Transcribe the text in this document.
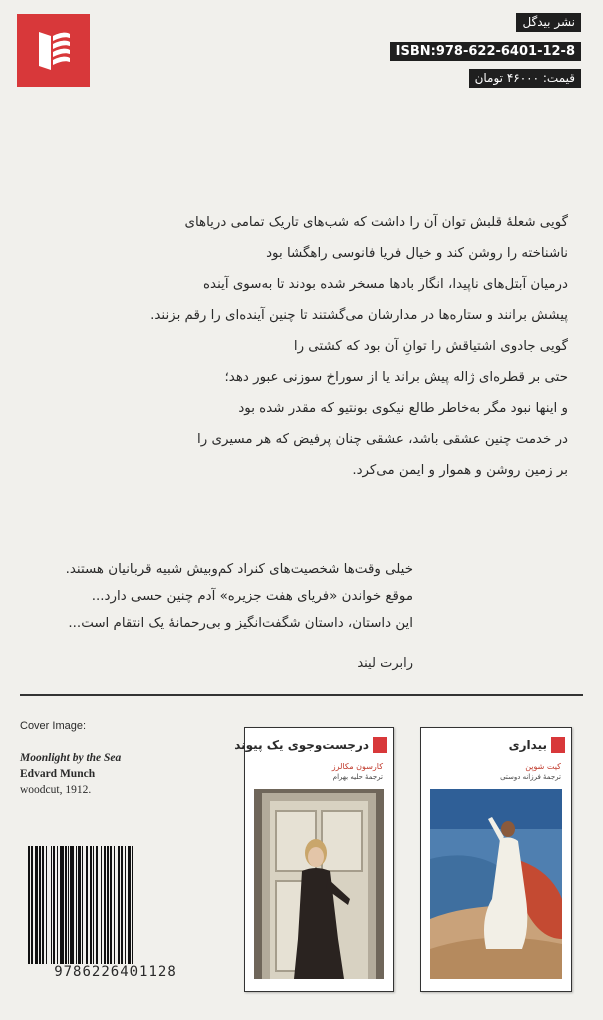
نشر بیدگل
ISBN:978-622-6401-12-8
قیمت: ۴۶۰۰۰ تومان
گویی شعلهٔ قلبش توان آن را داشت که شب‌های تاریک تمامی دریاهای
ناشناخته را روشن کند و خیال فریا فانوسی راهگشا بود
درمیان آبتل‌های ناپیدا، انگار بادها مسخر شده بودند تا به‌سوی آینده
پیشش برانند و ستاره‌ها در مدارشان می‌گشتند تا چنین آینده‌ای را رقم بزنند.
گویی جادوی اشتیاقش را توانِ آن بود که کشتی را
حتی بر قطره‌ای ژاله پیش براند یا از سوراخ سوزنی عبور دهد؛
و اینها نبود مگر به‌خاطر طالع نیکوی بونتیو که مقدر شده بود
در خدمت چنین عشقی باشد، عشقی چنان پرفیض که هر مسیری را
بر زمین روشن و هموار و ایمن می‌کرد.
خیلی وقت‌ها شخصیت‌های کنراد کم‌وبیش شبیه قربانیان هستند.
موقع خواندن «فریای هفت جزیره» آدم چنین حسی دارد...
این داستان، داستان شگفت‌انگیز و بی‌رحمانهٔ یک انتقام است...
رابرت لیند
Cover Image:
Moonlight by the Sea
Edvard Munch
woodcut, 1912.
9786226401128
درجست‌وجوی یک پیوند
کارسون مکالرز
ترجمهٔ حلیه بهرام
بیداری
کیت شوپن
ترجمهٔ فرزانه دوستی
